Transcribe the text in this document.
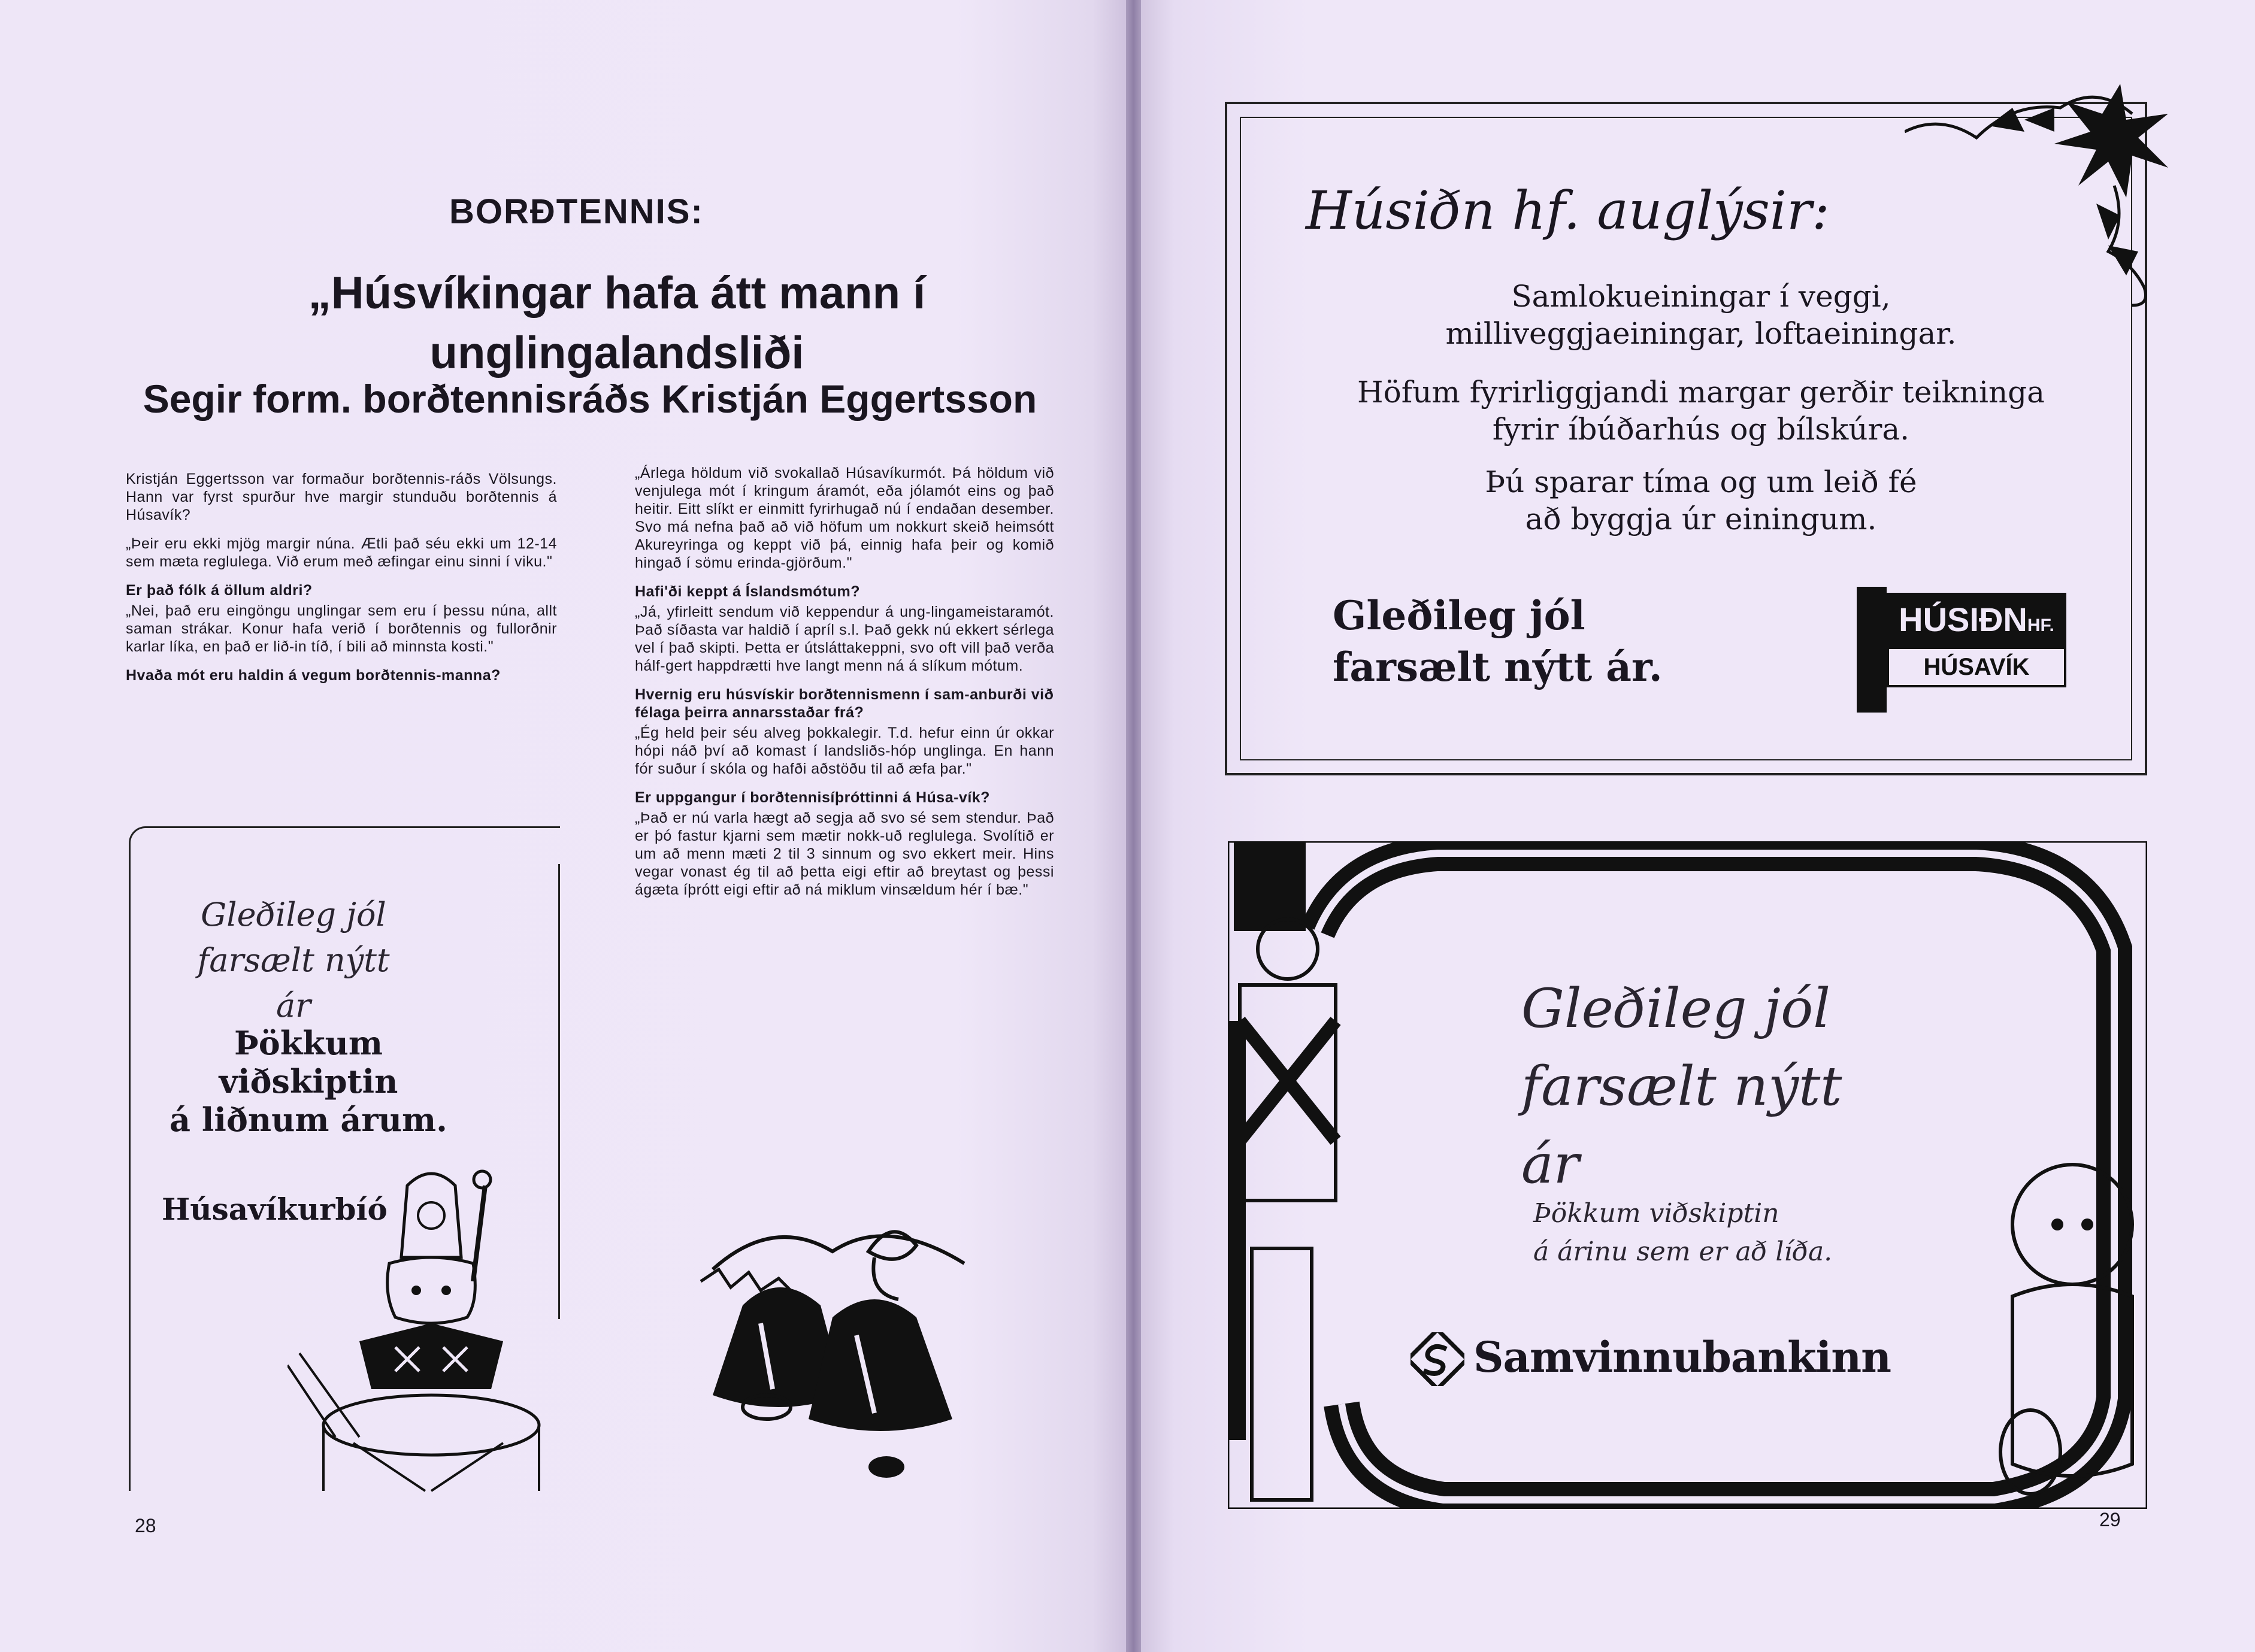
BORÐTENNIS:
„Húsvíkingar hafa átt mann í
unglingalandsliði
Segir form. borðtennisráðs Kristján Eggertsson

Kristján Eggertsson var formaður borðtennis-ráðs Völsungs. Hann var fyrst spurður hve margir stunduðu borðtennis á Húsavík?

„Þeir eru ekki mjög margir núna. Ætli það séu ekki um 12-14 sem mæta reglulega. Við erum með æfingar einu sinni í viku."

Er það fólk á öllum aldri?

„Nei, það eru eingöngu unglingar sem eru í þessu núna, allt saman strákar. Konur hafa verið í borðtennis og fullorðnir karlar líka, en það er lið-in tíð, í bili að minnsta kosti."

Hvaða mót eru haldin á vegum borðtennis-manna?

„Árlega höldum við svokallað Húsavíkurmót. Þá höldum við venjulega mót í kringum áramót, eða jólamót eins og það heitir. Eitt slíkt er einmitt fyrirhugað nú í endaðan desember. Svo má nefna það að við höfum um nokkurt skeið heimsótt Akureyringa og keppt við þá, einnig hafa þeir og komið hingað í sömu erinda-gjörðum."

Hafi'ði keppt á Íslandsmótum?

„Já, yfirleitt sendum við keppendur á ung-lingameistaramót. Það síðasta var haldið í apríl s.l. Það gekk nú ekkert sérlega vel í það skipti. Þetta er útsláttakeppni, svo oft vill það verða hálf-gert happdrætti hve langt menn ná á slíkum mótum.

Hvernig eru húsvískir borðtennismenn í sam-anburði við félaga þeirra annarsstaðar frá?

„Ég held þeir séu alveg þokkalegir. T.d. hefur einn úr okkar hópi náð því að komast í landsliðs-hóp unglinga. En hann fór suður í skóla og hafði aðstöðu til að æfa þar."

Er uppgangur í borðtennisíþróttinni á Húsa-vík?

„Það er nú varla hægt að segja að svo sé sem stendur. Það er þó fastur kjarni sem mætir nokk-uð reglulega. Svolítið er um að menn mæti 2 til 3 sinnum og svo ekkert meir. Hins vegar vonast ég til að þetta eigi eftir að breytast og þessi ágæta íþrótt eigi eftir að ná miklum vinsældum hér í bæ."

Gleðileg jól
farsælt nýtt ár
Þökkum
viðskiptin
á liðnum árum.
Húsavíkurbíó
28
Húsiðn hf. auglýsir:
Samlokueiningar í veggi,
milliveggjaeiningar, loftaeiningar.
Höfum fyrirliggjandi margar gerðir teikninga
fyrir íbúðarhús og bílskúra.
Þú sparar tíma og um leið fé
að byggja úr einingum.
Gleðileg jól
farsælt nýtt ár.
HÚSIÐNHF.
HÚSAVÍK
Gleðileg jól
farsælt nýtt ár
Þökkum viðskiptin
á árinu sem er að líða.
Samvinnubankinn
29
